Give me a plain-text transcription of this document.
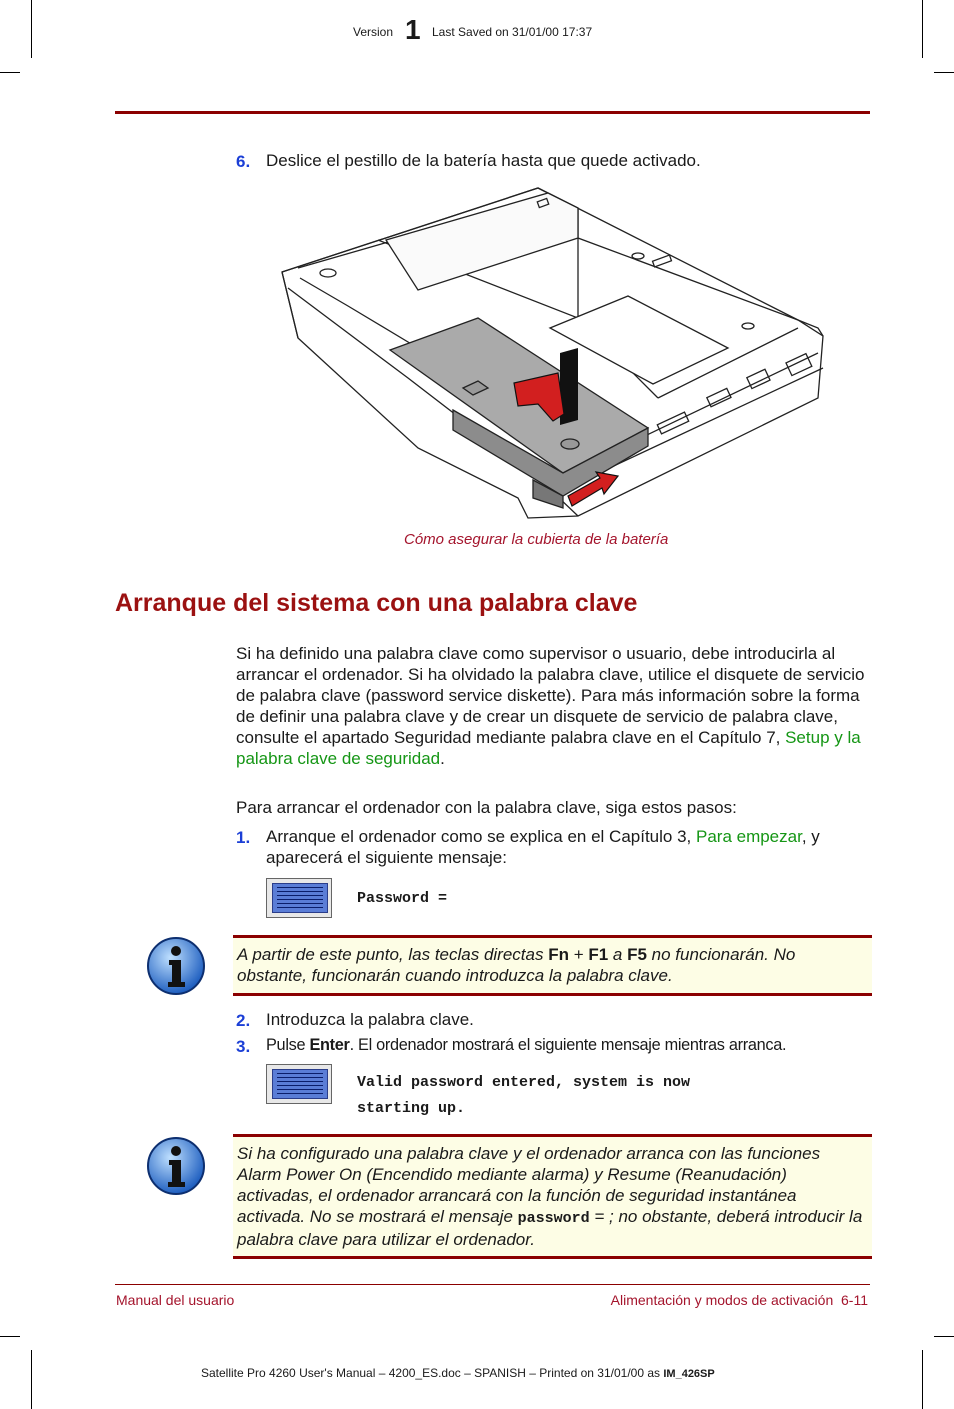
Version 1 Last Saved on 31/01/00 17:37
6. Deslice el pestillo de la batería hasta que quede activado.
Cómo asegurar la cubierta de la batería
Arranque del sistema con una palabra clave
Si ha definido una palabra clave como supervisor o usuario, debe introducirla al arrancar el ordenador. Si ha olvidado la palabra clave, utilice el disquete de servicio de palabra clave (password service diskette). Para más información sobre la forma de definir una palabra clave y de crear un disquete de servicio de palabra clave, consulte el apartado Seguridad mediante palabra clave en el Capítulo 7, Setup y la palabra clave de seguridad.
Para arrancar el ordenador con la palabra clave, siga estos pasos:
1. Arranque el ordenador como se explica en el Capítulo 3, Para empezar, y aparecerá el siguiente mensaje:
Password =
A partir de este punto, las teclas directas Fn + F1 a F5 no funcionarán. No obstante, funcionarán cuando introduzca la palabra clave.
2. Introduzca la palabra clave.
3. Pulse Enter. El ordenador mostrará el siguiente mensaje mientras arranca.
Valid password entered, system is now
starting up.
Si ha configurado una palabra clave y el ordenador arranca con las funciones Alarm Power On (Encendido mediante alarma) y Resume (Reanudación) activadas, el ordenador arrancará con la función de seguridad instantánea activada. No se mostrará el mensaje password = ; no obstante, deberá introducir la palabra clave para utilizar el ordenador.
Manual del usuario	Alimentación y modos de activación  6-11
Satellite Pro 4260 User's Manual – 4200_ES.doc – SPANISH – Printed on 31/01/00 as IM_426SP
